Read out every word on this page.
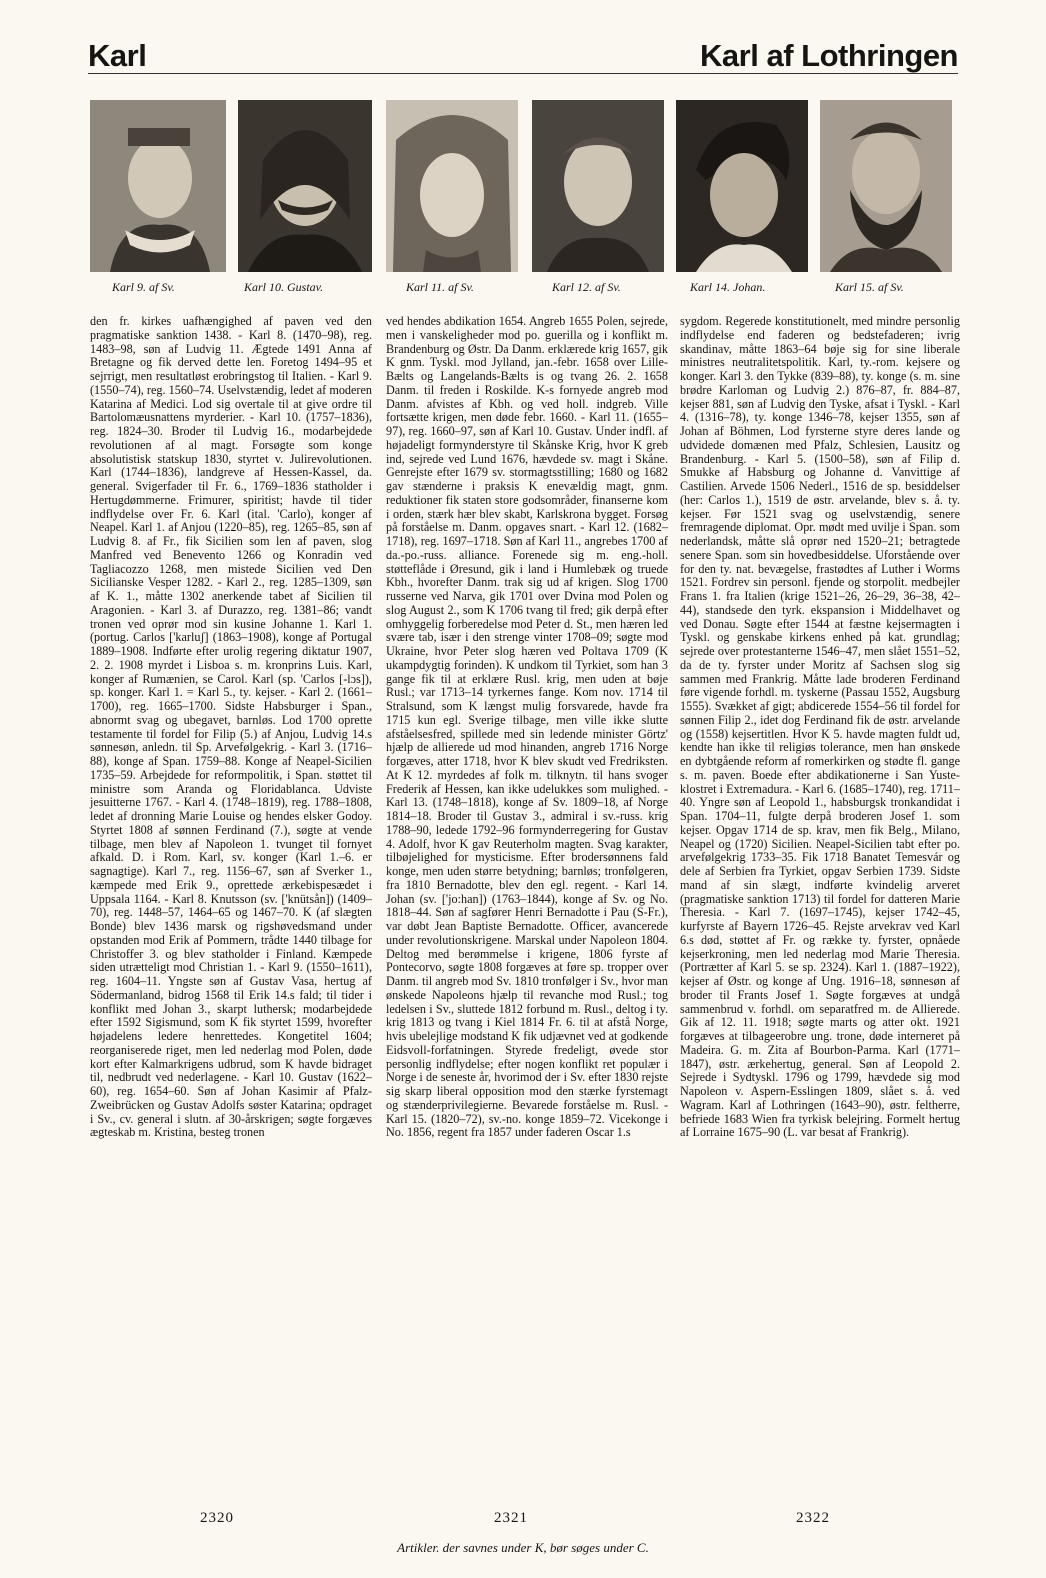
Karl	Karl af Lothringen
Karl 9. af Sv.	Karl 10. Gustav.	Karl 11. af Sv.	Karl 12. af Sv.	Karl 14. Johan.	Karl 15. af Sv.

den fr. kirkes uafhængighed af paven ved den pragmatiske sanktion 1438. - Karl 8. (1470–98), reg. 1483–98, søn af Ludvig 11. Ægtede 1491 Anna af Bretagne og fik derved dette len. Foretog 1494–95 et sejrrigt, men resultatløst erobringstog til Italien. - Karl 9. (1550–74), reg. 1560–74. Uselvstændig, ledet af moderen Katarina af Medici. Lod sig overtale til at give ordre til Bartolomæusnattens myrderier. - Karl 10. (1757–1836), reg. 1824–30. Broder til Ludvig 16., modarbejdede revolutionen af al magt. Forsøgte som konge absolutistisk statskup 1830, styrtet v. Julirevolutionen. Karl (1744–1836), landgreve af Hessen-Kassel, da. general. Svigerfader til Fr. 6., 1769–1836 statholder i Hertugdømmerne. Frimurer, spiritist; havde til tider indflydelse over Fr. 6. Karl (ital. 'Carlo), konger af Neapel. Karl 1. af Anjou (1220–85), reg. 1265–85, søn af Ludvig 8. af Fr., fik Sicilien som len af paven, slog Manfred ved Benevento 1266 og Konradin ved Tagliacozzo 1268, men mistede Sicilien ved Den Sicilianske Vesper 1282. - Karl 2., reg. 1285–1309, søn af K. 1., måtte 1302 anerkende tabet af Sicilien til Aragonien. - Karl 3. af Durazzo, reg. 1381–86; vandt tronen ved oprør mod sin kusine Johanne 1. Karl 1. (portug. Carlos ['karluʃ] (1863–1908), konge af Portugal 1889–1908. Indførte efter urolig regering diktatur 1907, 2. 2. 1908 myrdet i Lisboa s. m. kronprins Luis. Karl, konger af Rumænien, se Carol. Karl (sp. 'Carlos [-lɔs]), sp. konger. Karl 1. = Karl 5., ty. kejser. - Karl 2. (1661–1700), reg. 1665–1700. Sidste Habsburger i Span., abnormt svag og ubegavet, barnløs. Lod 1700 oprette testamente til fordel for Filip (5.) af Anjou, Ludvig 14.s sønnesøn, anledn. til Sp. Arvefølgekrig. - Karl 3. (1716–88), konge af Span. 1759–88. Konge af Neapel-Sicilien 1735–59. Arbejdede for reformpolitik, i Span. støttet til ministre som Aranda og Floridablanca. Udviste jesuitterne 1767. - Karl 4. (1748–1819), reg. 1788–1808, ledet af dronning Marie Louise og hendes elsker Godoy. Styrtet 1808 af sønnen Ferdinand (7.), søgte at vende tilbage, men blev af Napoleon 1. tvunget til fornyet afkald. D. i Rom. Karl, sv. konger (Karl 1.–6. er sagnagtige). Karl 7., reg. 1156–67, søn af Sverker 1., kæmpede med Erik 9., oprettede ærkebispesædet i Uppsala 1164. - Karl 8. Knutsson (sv. ['knütsån]) (1409–70), reg. 1448–57, 1464–65 og 1467–70. K (af slægten Bonde) blev 1436 marsk og rigshøvedsmand under opstanden mod Erik af Pommern, trådte 1440 tilbage for Christoffer 3. og blev statholder i Finland. Kæmpede siden utrætteligt mod Christian 1. - Karl 9. (1550–1611), reg. 1604–11. Yngste søn af Gustav Vasa, hertug af Södermanland, bidrog 1568 til Erik 14.s fald; til tider i konflikt med Johan 3., skarpt luthersk; modarbejdede efter 1592 Sigismund, som K fik styrtet 1599, hvorefter højadelens ledere henrettedes. Kongetitel 1604; reorganiserede riget, men led nederlag mod Polen, døde kort efter Kalmarkrigens udbrud, som K havde bidraget til, nedbrudt ved nederlagene. - Karl 10. Gustav (1622–60), reg. 1654–60. Søn af Johan Kasimir af Pfalz-Zweibrücken og Gustav Adolfs søster Katarina; opdraget i Sv., cv. general i slutn. af 30-årskrigen; søgte forgæves ægteskab m. Kristina, besteg tronen

ved hendes abdikation 1654. Angreb 1655 Polen, sejrede, men i vanskeligheder mod po. guerilla og i konflikt m. Brandenburg og Østr. Da Danm. erklærede krig 1657, gik K gnm. Tyskl. mod Jylland, jan.-febr. 1658 over Lille-Bælts og Langelands-Bælts is og tvang 26. 2. 1658 Danm. til freden i Roskilde. K-s fornyede angreb mod Danm. afvistes af Kbh. og ved holl. indgreb. Ville fortsætte krigen, men døde febr. 1660. - Karl 11. (1655–97), reg. 1660–97, søn af Karl 10. Gustav. Under indfl. af højadeligt formynderstyre til Skånske Krig, hvor K greb ind, sejrede ved Lund 1676, hævdede sv. magt i Skåne. Genrejste efter 1679 sv. stormagtsstilling; 1680 og 1682 gav stænderne i praksis K enevældig magt, gnm. reduktioner fik staten store godsområder, finanserne kom i orden, stærk hær blev skabt, Karlskrona bygget. Forsøg på forståelse m. Danm. opgaves snart. - Karl 12. (1682–1718), reg. 1697–1718. Søn af Karl 11., angrebes 1700 af da.-po.-russ. alliance. Forenede sig m. eng.-holl. støtteflåde i Øresund, gik i land i Humlebæk og truede Kbh., hvorefter Danm. trak sig ud af krigen. Slog 1700 russerne ved Narva, gik 1701 over Dvina mod Polen og slog August 2., som K 1706 tvang til fred; gik derpå efter omhyggelig forberedelse mod Peter d. St., men hæren led svære tab, især i den strenge vinter 1708–09; søgte mod Ukraine, hvor Peter slog hæren ved Poltava 1709 (K ukampdygtig forinden). K undkom til Tyrkiet, som han 3 gange fik til at erklære Rusl. krig, men uden at bøje Rusl.; var 1713–14 tyrkernes fange. Kom nov. 1714 til Stralsund, som K længst mulig forsvarede, havde fra 1715 kun egl. Sverige tilbage, men ville ikke slutte afståelsesfred, spillede med sin ledende minister Görtz' hjælp de allierede ud mod hinanden, angreb 1716 Norge forgæves, atter 1718, hvor K blev skudt ved Fredriksten. At K 12. myrdedes af folk m. tilknytn. til hans svoger Frederik af Hessen, kan ikke udelukkes som mulighed. - Karl 13. (1748–1818), konge af Sv. 1809–18, af Norge 1814–18. Broder til Gustav 3., admiral i sv.-russ. krig 1788–90, ledede 1792–96 formynderregering for Gustav 4. Adolf, hvor K gav Reuterholm magten. Svag karakter, tilbøjelighed for mysticisme. Efter brodersønnens fald konge, men uden større betydning; barnløs; tronfølgeren, fra 1810 Bernadotte, blev den egl. regent. - Karl 14. Johan (sv. ['jo:han]) (1763–1844), konge af Sv. og No. 1818–44. Søn af sagfører Henri Bernadotte i Pau (S-Fr.), var døbt Jean Baptiste Bernadotte. Officer, avancerede under revolutionskrigene. Marskal under Napoleon 1804. Deltog med berømmelse i krigene, 1806 fyrste af Pontecorvo, søgte 1808 forgæves at føre sp. tropper over Danm. til angreb mod Sv. 1810 tronfølger i Sv., hvor man ønskede Napoleons hjælp til revanche mod Rusl.; tog ledelsen i Sv., sluttede 1812 forbund m. Rusl., deltog i ty. krig 1813 og tvang i Kiel 1814 Fr. 6. til at afstå Norge, hvis ubelejlige modstand K fik udjævnet ved at godkende Eidsvoll-forfatningen. Styrede fredeligt, øvede stor personlig indflydelse; efter nogen konflikt ret populær i Norge i de seneste år, hvorimod der i Sv. efter 1830 rejste sig skarp liberal opposition mod den stærke fyrstemagt og stænderprivilegierne. Bevarede forståelse m. Rusl. - Karl 15. (1820–72), sv.-no. konge 1859–72. Vicekonge i No. 1856, regent fra 1857 under faderen Oscar 1.s

sygdom. Regerede konstitutionelt, med mindre personlig indflydelse end faderen og bedstefaderen; ivrig skandinav, måtte 1863–64 bøje sig for sine liberale ministres neutralitetspolitik. Karl, ty.-rom. kejsere og konger. Karl 3. den Tykke (839–88), ty. konge (s. m. sine brødre Karloman og Ludvig 2.) 876–87, fr. 884–87, kejser 881, søn af Ludvig den Tyske, afsat i Tyskl. - Karl 4. (1316–78), ty. konge 1346–78, kejser 1355, søn af Johan af Böhmen, Lod fyrsterne styre deres lande og udvidede domænen med Pfalz, Schlesien, Lausitz og Brandenburg. - Karl 5. (1500–58), søn af Filip d. Smukke af Habsburg og Johanne d. Vanvittige af Castilien. Arvede 1506 Nederl., 1516 de sp. besiddelser (her: Carlos 1.), 1519 de østr. arvelande, blev s. å. ty. kejser. Før 1521 svag og uselvstændig, senere fremragende diplomat. Opr. mødt med uvilje i Span. som nederlandsk, måtte slå oprør ned 1520–21; betragtede senere Span. som sin hovedbesiddelse. Uforstående over for den ty. nat. bevægelse, frastødtes af Luther i Worms 1521. Fordrev sin personl. fjende og storpolit. medbejler Frans 1. fra Italien (krige 1521–26, 26–29, 36–38, 42–44), standsede den tyrk. ekspansion i Middelhavet og ved Donau. Søgte efter 1544 at fæstne kejsermagten i Tyskl. og genskabe kirkens enhed på kat. grundlag; sejrede over protestanterne 1546–47, men slået 1551–52, da de ty. fyrster under Moritz af Sachsen slog sig sammen med Frankrig. Måtte lade broderen Ferdinand føre vigende forhdl. m. tyskerne (Passau 1552, Augsburg 1555). Svækket af gigt; abdicerede 1554–56 til fordel for sønnen Filip 2., idet dog Ferdinand fik de østr. arvelande og (1558) kejsertitlen. Hvor K 5. havde magten fuldt ud, kendte han ikke til religiøs tolerance, men han ønskede en dybtgående reform af romerkirken og stødte fl. gange s. m. paven. Boede efter abdikationerne i San Yuste-klostret i Extremadura. - Karl 6. (1685–1740), reg. 1711–40. Yngre søn af Leopold 1., habsburgsk tronkandidat i Span. 1704–11, fulgte derpå broderen Josef 1. som kejser. Opgav 1714 de sp. krav, men fik Belg., Milano, Neapel og (1720) Sicilien. Neapel-Sicilien tabt efter po. arvefølgekrig 1733–35. Fik 1718 Banatet Temesvár og dele af Serbien fra Tyrkiet, opgav Serbien 1739. Sidste mand af sin slægt, indførte kvindelig arveret (pragmatiske sanktion 1713) til fordel for datteren Marie Theresia. - Karl 7. (1697–1745), kejser 1742–45, kurfyrste af Bayern 1726–45. Rejste arvekrav ved Karl 6.s død, støttet af Fr. og række ty. fyrster, opnåede kejserkroning, men led nederlag mod Marie Theresia. (Portrætter af Karl 5. se sp. 2324). Karl 1. (1887–1922), kejser af Østr. og konge af Ung. 1916–18, sønnesøn af broder til Frants Josef 1. Søgte forgæves at undgå sammenbrud v. forhdl. om separatfred m. de Allierede. Gik af 12. 11. 1918; søgte marts og atter okt. 1921 forgæves at tilbageerobre ung. trone, døde interneret på Madeira. G. m. Zita af Bourbon-Parma. Karl (1771–1847), østr. ærkehertug, general. Søn af Leopold 2. Sejrede i Sydtyskl. 1796 og 1799, hævdede sig mod Napoleon v. Aspern-Esslingen 1809, slået s. å. ved Wagram. Karl af Lothringen (1643–90), østr. feltherre, befriede 1683 Wien fra tyrkisk belejring. Formelt hertug af Lorraine 1675–90 (L. var besat af Frankrig).

2320	2321	2322
Artikler. der savnes under K, bør søges under C.
